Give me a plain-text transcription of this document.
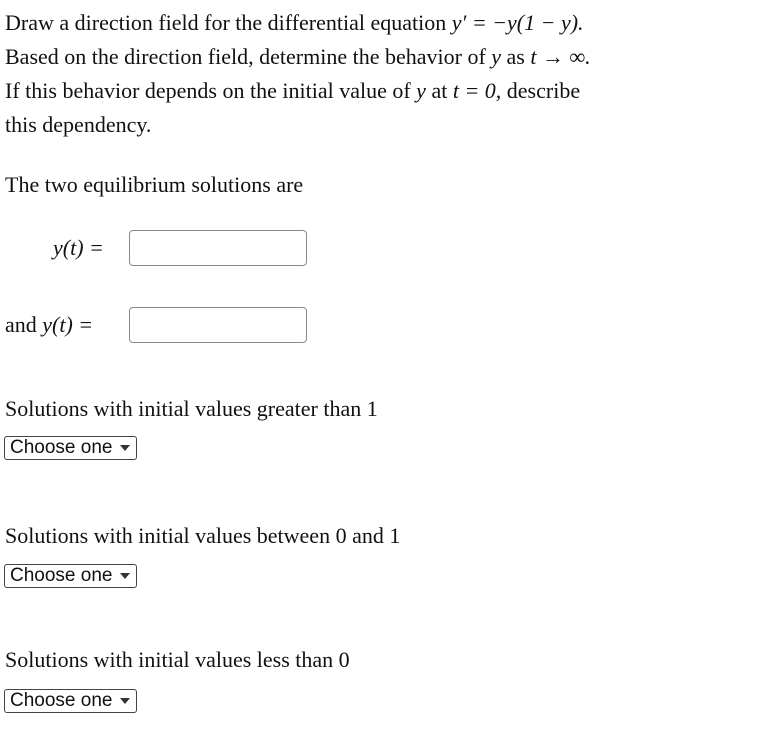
Draw a direction field for the differential equation y′ = −y(1 − y).
Based on the direction field, determine the behavior of y as t → ∞.
If this behavior depends on the initial value of y at t = 0, describe
this dependency.
The two equilibrium solutions are
y(t) =
and y(t) =
Solutions with initial values greater than 1
Choose one
Solutions with initial values between 0 and 1
Choose one
Solutions with initial values less than 0
Choose one
